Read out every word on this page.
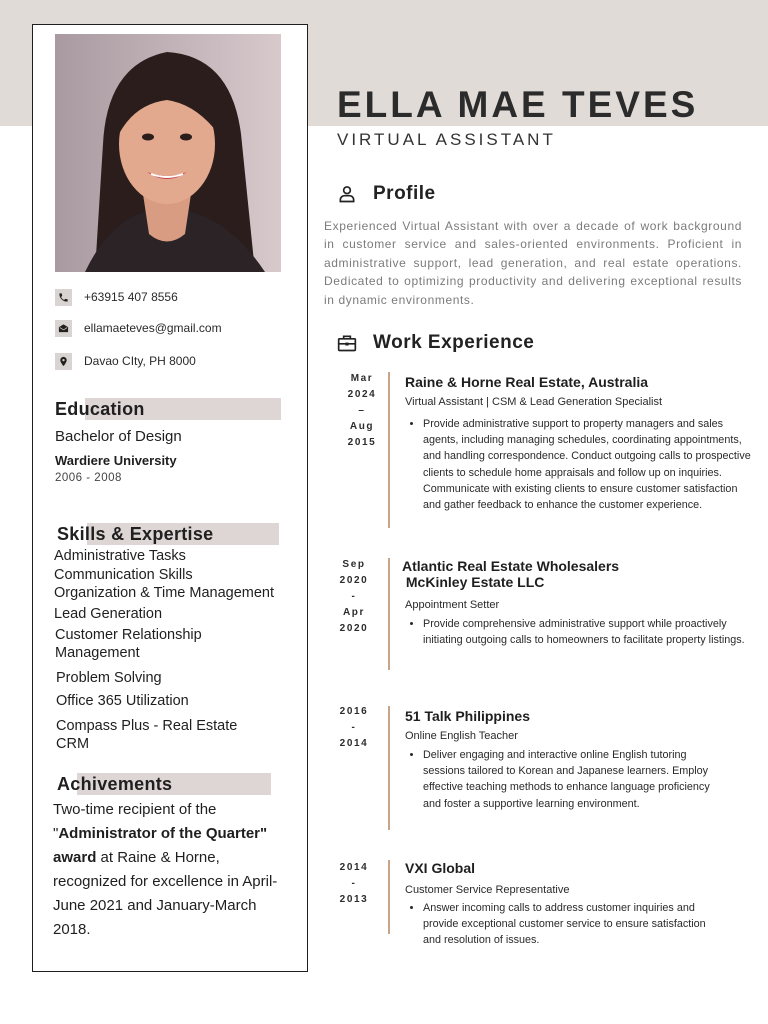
+63915 407 8556
ellamaeteves@gmail.com
Davao CIty, PH 8000
Education
Bachelor of Design
Wardiere University
2006 - 2008
Skills & Expertise
Administrative Tasks
Communication Skills
Organization & Time Management
Lead Generation
Customer Relationship Management
Problem Solving
Office 365 Utilization
Compass Plus - Real Estate CRM
Achivements
Two-time recipient of the "Administrator of the Quarter" award at Raine & Horne, recognized for excellence in April-June 2021 and January-March 2018.
ELLA MAE TEVES
VIRTUAL ASSISTANT
Profile
Experienced Virtual Assistant with over a decade of work background in customer service and sales-oriented environments. Proficient in administrative support, lead generation, and real estate operations. Dedicated to optimizing productivity and delivering exceptional results in dynamic environments.
Work Experience
Mar
2024
–
Aug
2015
Raine & Horne Real Estate, Australia
Virtual Assistant | CSM & Lead Generation Specialist
• Provide administrative support to property managers and sales agents, including managing schedules, coordinating appointments, and handling correspondence. Conduct outgoing calls to prospective clients to schedule home appraisals and follow up on inquiries. Communicate with existing clients to ensure customer satisfaction and gather feedback to enhance the customer experience.
Sep
2020
-
Apr
2020
Atlantic Real Estate Wholesalers
McKinley Estate LLC
Appointment Setter
• Provide comprehensive administrative support while proactively initiating outgoing calls to homeowners to facilitate property listings.
2016
-
2014
51 Talk Philippines
Online English Teacher
• Deliver engaging and interactive online English tutoring sessions tailored to Korean and Japanese learners. Employ effective teaching methods to enhance language proficiency and foster a supportive learning environment.
2014
-
2013
VXI Global
Customer Service Representative
• Answer incoming calls to address customer inquiries and provide exceptional customer service to ensure satisfaction and resolution of issues.
